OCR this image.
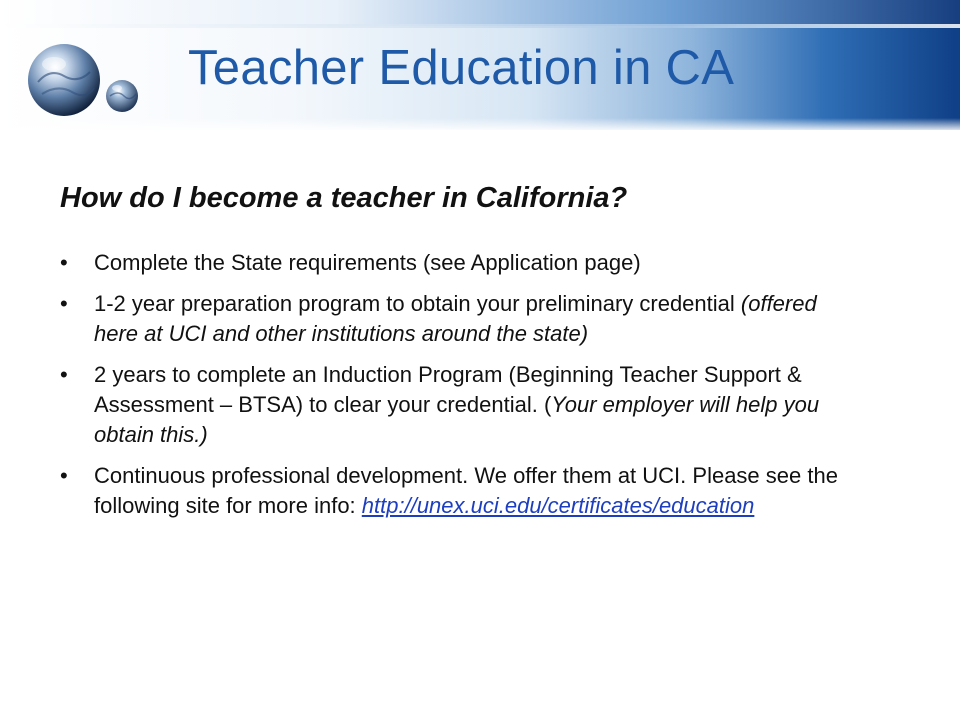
Teacher Education in CA
How do I become a teacher in California?
• Complete the State requirements (see Application page)
• 1-2 year preparation program to obtain your preliminary credential (offered here at UCI and other institutions around the state)
• 2 years to complete an Induction Program (Beginning Teacher Support & Assessment – BTSA) to clear your credential. (Your employer will help you obtain this.)
• Continuous professional development. We offer them at UCI. Please see the following site for more info: http://unex.uci.edu/certificates/education
